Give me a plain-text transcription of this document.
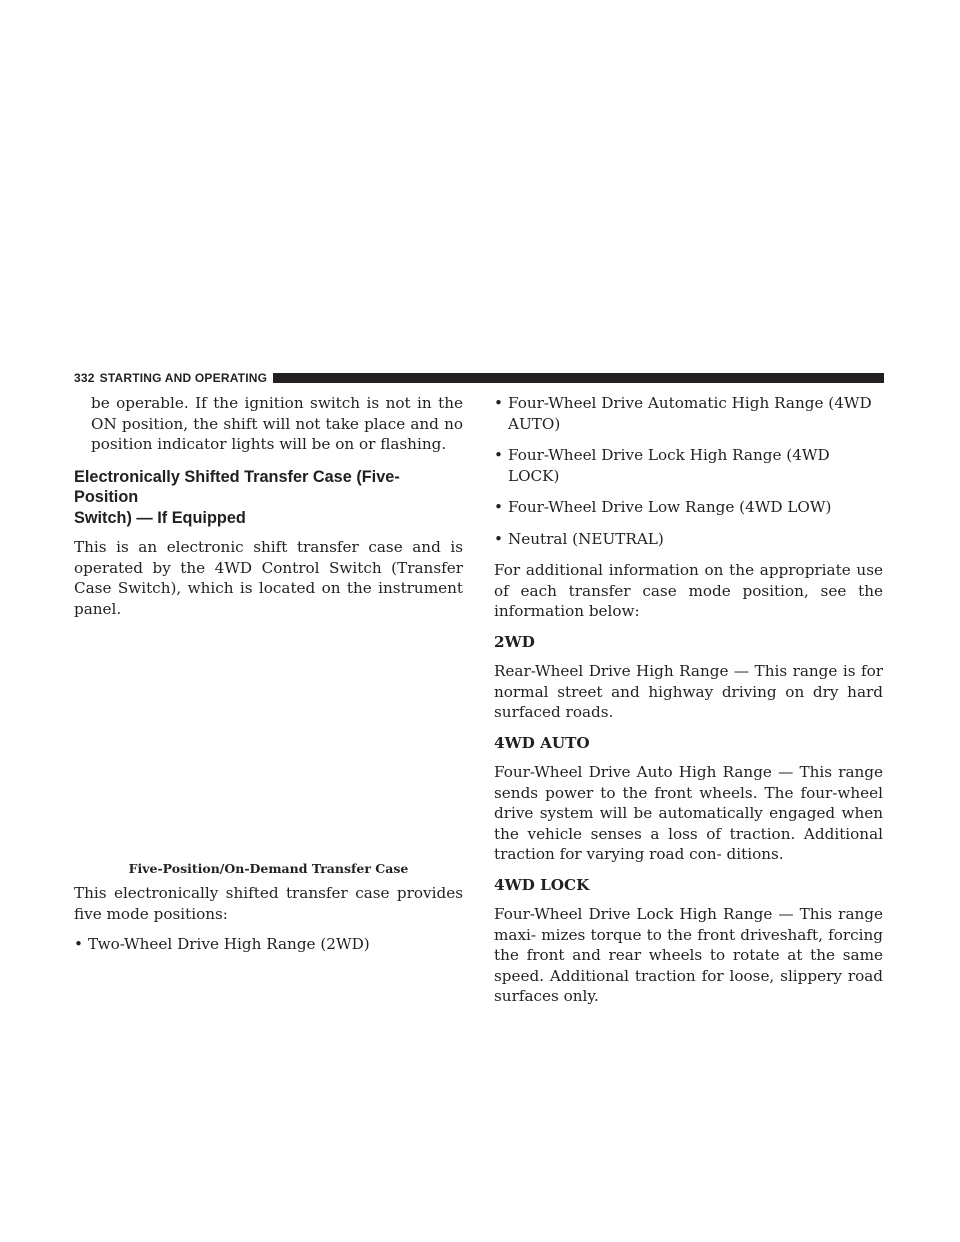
332 STARTING AND OPERATING

be operable. If the ignition switch is not in the ON position, the shift will not take place and no position indicator lights will be on or flashing.

Electronically Shifted Transfer Case (Five-Position
Switch) — If Equipped

This is an electronic shift transfer case and is operated by the 4WD Control Switch (Transfer Case Switch), which is located on the instrument panel.

Five-Position/On-Demand Transfer Case

This electronically shifted transfer case provides five mode positions:

• Two-Wheel Drive High Range (2WD)
• Four-Wheel Drive Automatic High Range (4WD AUTO)
• Four-Wheel Drive Lock High Range (4WD LOCK)
• Four-Wheel Drive Low Range (4WD LOW)
• Neutral (NEUTRAL)

For additional information on the appropriate use of each transfer case mode position, see the information below:

2WD

Rear-Wheel Drive High Range — This range is for normal street and highway driving on dry hard surfaced roads.

4WD AUTO

Four-Wheel Drive Auto High Range — This range sends power to the front wheels. The four-wheel drive system will be automatically engaged when the vehicle senses a loss of traction. Additional traction for varying road con- ditions.

4WD LOCK

Four-Wheel Drive Lock High Range — This range maxi- mizes torque to the front driveshaft, forcing the front and rear wheels to rotate at the same speed. Additional traction for loose, slippery road surfaces only.
